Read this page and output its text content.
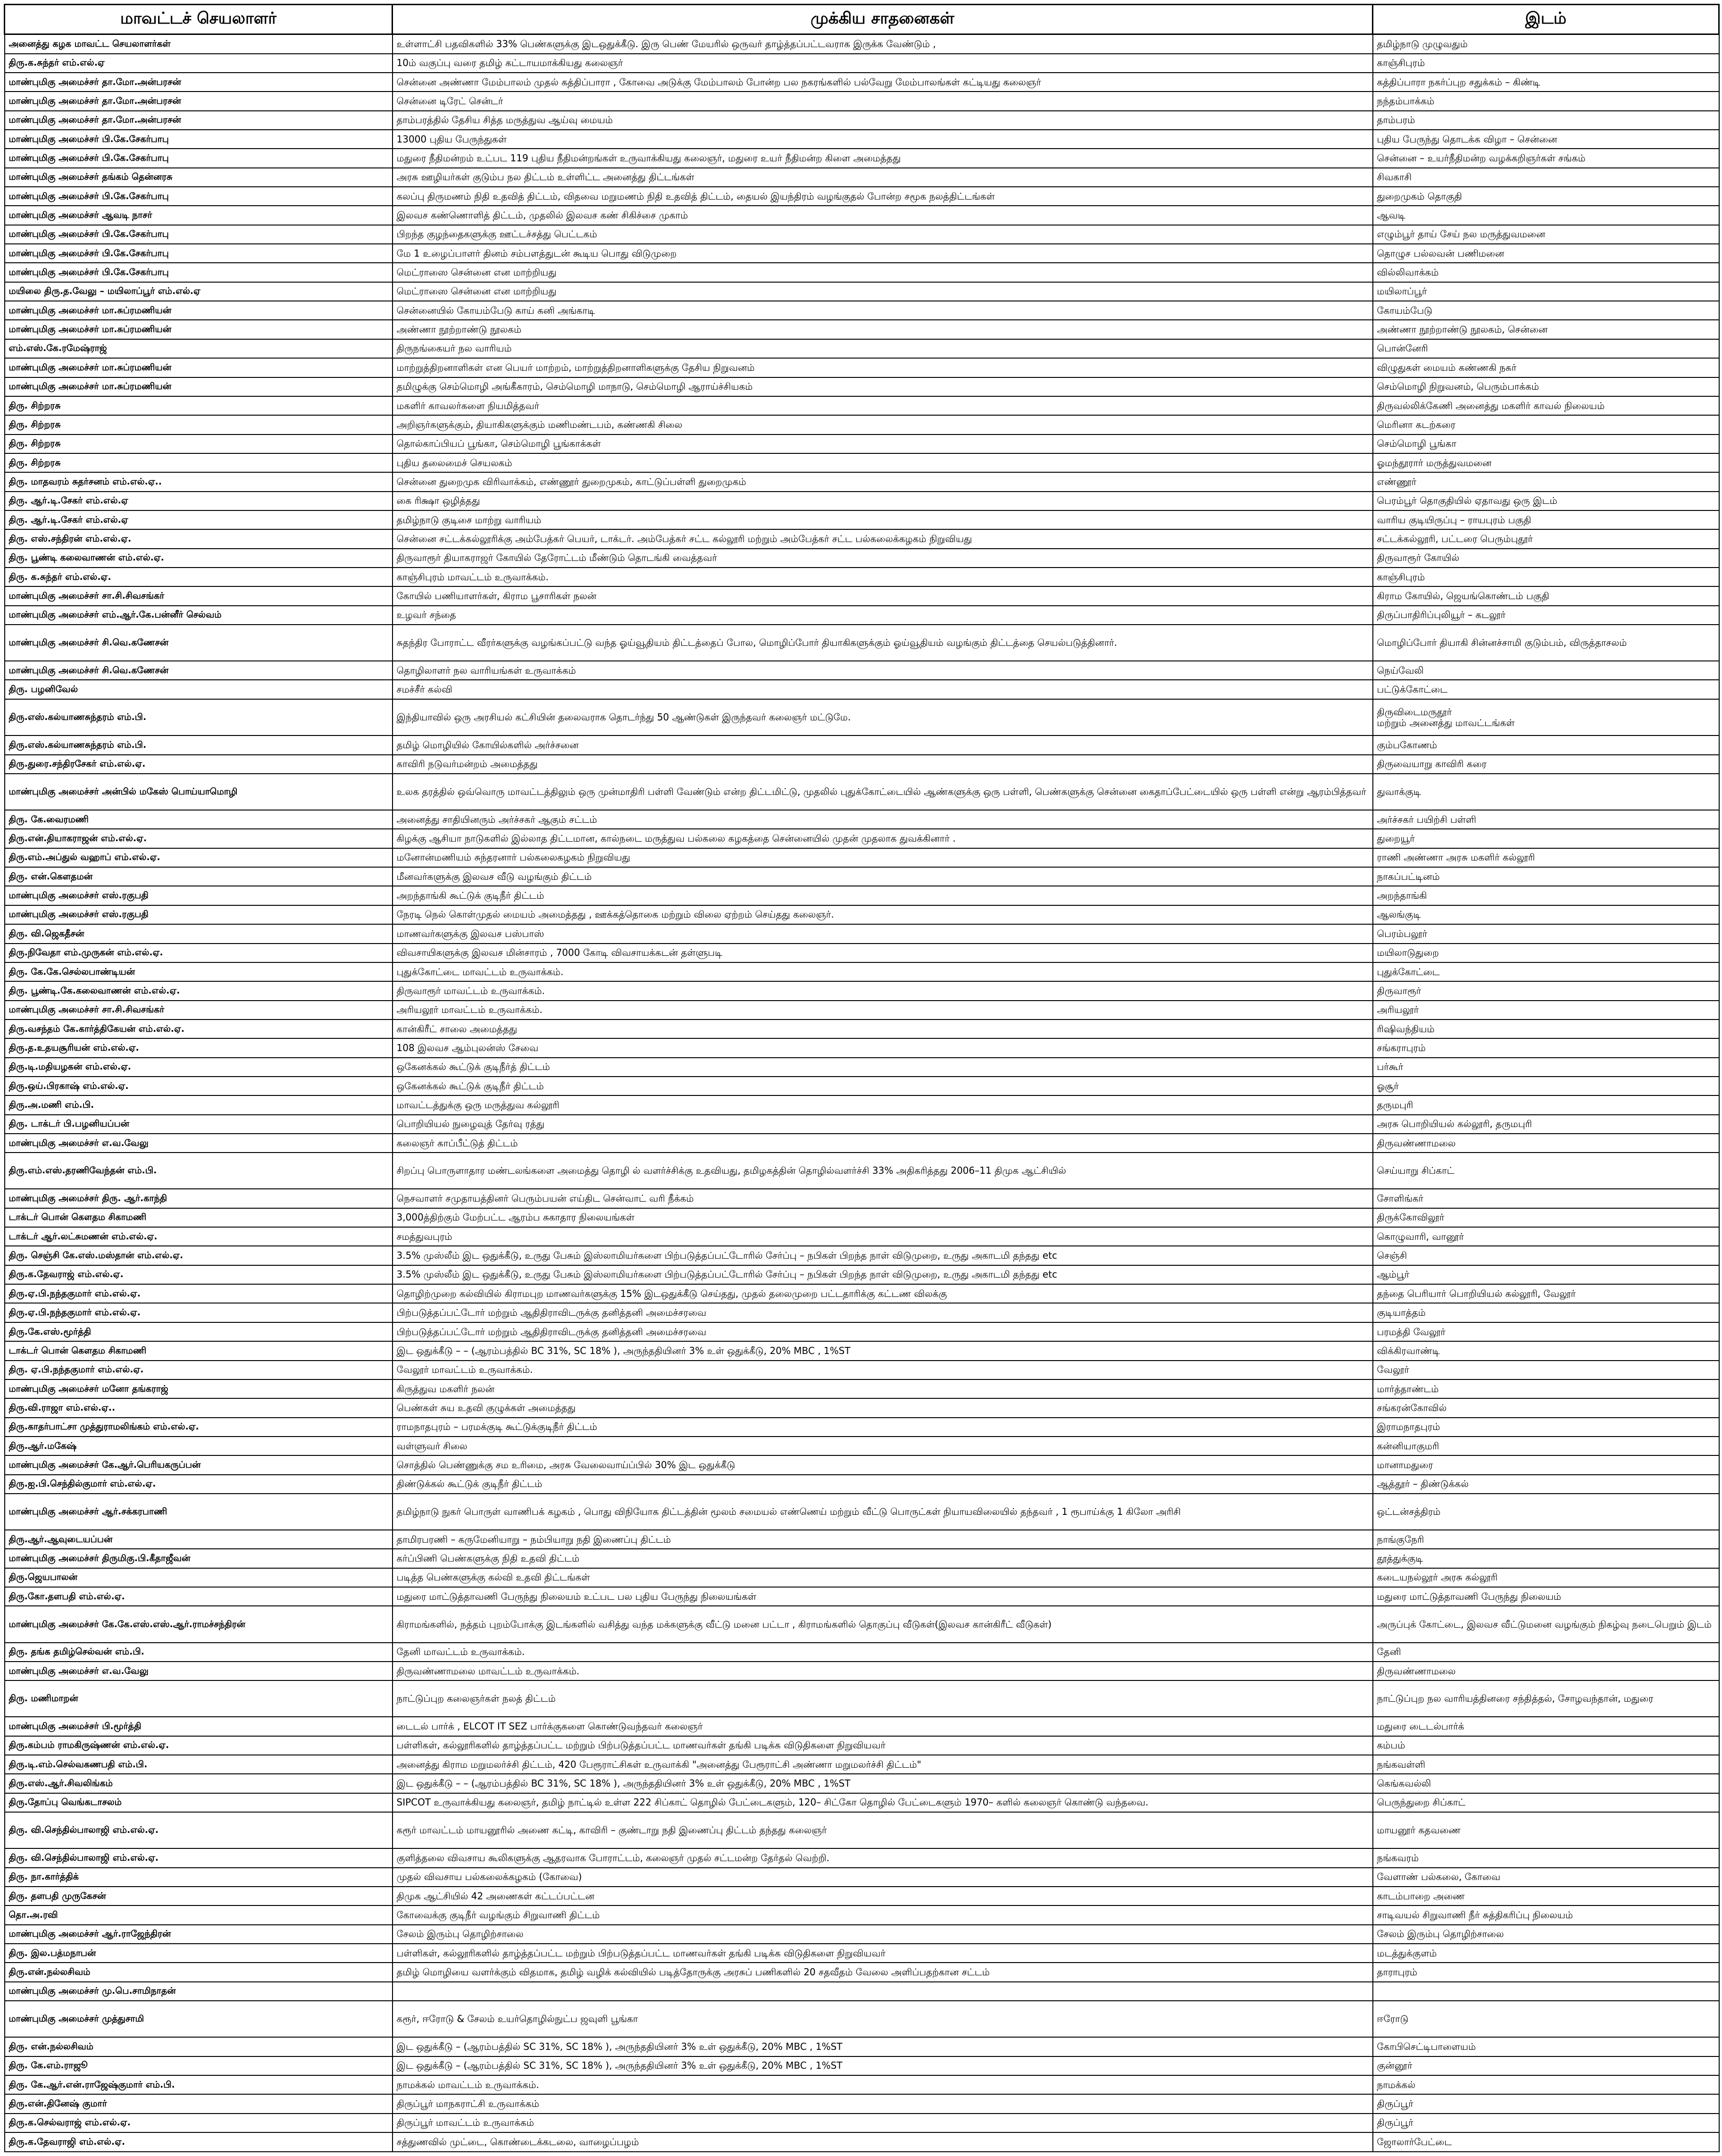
மாவட்டச் செயலாளர்	முக்கிய சாதனைகள்	இடம்
அனைத்து கழக மாவட்ட செயலாளர்கள்	உள்ளாட்சி பதவிகளில் 33% பெண்களுக்கு இடஒதுக்கீடு. இரு பெண் மேயரில் ஒருவர் தாழ்த்தப்பட்டவராக இருக்க வேண்டும் ,	தமிழ்நாடு முழுவதும்
திரு.க.சுந்தர் எம்.எல்.ஏ	10ம் வகுப்பு வரை தமிழ் கட்டாயமாக்கியது கலைஞர்	காஞ்சிபுரம்
மாண்புமிகு அமைச்சர் தா.மோ.அன்பரசன்	சென்னை அண்ணா மேம்பாலம் முதல் கத்திப்பாரா , கோவை அடுக்கு மேம்பாலம் போன்ற பல நகரங்களில் பல்வேறு மேம்பாலங்கள் கட்டியது கலைஞர்	கத்திப்பாரா நகர்ப்புற சதுக்கம் – கிண்டி
மாண்புமிகு அமைச்சர் தா.மோ.அன்பரசன்	சென்னை டிரேட் சென்டர்	நந்தம்பாக்கம்
மாண்புமிகு அமைச்சர் தா.மோ.அன்பரசன்	தாம்பரத்தில் தேசிய சித்த மருத்துவ ஆய்வு மையம்	தாம்பரம்
மாண்புமிகு அமைச்சர் பி.கே.சேகர்பாபு	13000 புதிய பேருந்துகள்	புதிய பேருந்து தொடக்க விழா – சென்னை
மாண்புமிகு அமைச்சர் பி.கே.சேகர்பாபு	மதுரை நீதிமன்றம் உட்பட 119 புதிய நீதிமன்றங்கள் உருவாக்கியது கலைஞர், மதுரை உயர் நீதிமன்ற கிளை அமைத்தது	சென்னை – உயர்நீதிமன்ற வழக்கறிஞர்கள் சங்கம்
மாண்புமிகு அமைச்சர் தங்கம் தென்னரசு	அரசு ஊழியர்கள் குடும்ப நல திட்டம் உள்ளிட்ட அனைத்து திட்டங்கள்	சிவகாசி
மாண்புமிகு அமைச்சர் பி.கே.சேகர்பாபு	கலப்பு திருமணம் நிதி உதவித் திட்டம், விதவை மறுமணம் நிதி உதவித் திட்டம், தையல் இயந்திரம் வழங்குதல் போன்ற சமூக நலத்திட்டங்கள்	துறைமுகம் தொகுதி
மாண்புமிகு அமைச்சர் ஆவடி நாசர்	இலவச கண்ணொளித் திட்டம், முதலில் இலவச கண் சிகிச்சை முகாம்	ஆவடி
மாண்புமிகு அமைச்சர் பி.கே.சேகர்பாபு	பிறந்த குழந்தைகளுக்கு ஊட்டச்சத்து பெட்டகம்	எழும்பூர் தாய் சேய் நல மருத்துவமனை
மாண்புமிகு அமைச்சர் பி.கே.சேகர்பாபு	மே 1 உழைப்பாளர் தினம் சம்பளத்துடன் கூடிய பொது விடுமுறை	தொழுச பல்லவன் பணிமனை
மாண்புமிகு அமைச்சர் பி.கே.சேகர்பாபு	மெட்ராஸை சென்னை என மாற்றியது	வில்லிவாக்கம்
மயிலை திரு.த.வேலு – மயிலாப்பூர் எம்.எல்.ஏ	மெட்ராஸை சென்னை என மாற்றியது	மயிலாப்பூர்
மாண்புமிகு அமைச்சர் மா.சுப்ரமணியன்	சென்னையில் கோயம்பேடு காய் கனி அங்காடி	கோயம்பேடு
மாண்புமிகு அமைச்சர் மா.சுப்ரமணியன்	அண்ணா நூற்றாண்டு நூலகம்	அண்ணா நூற்றாண்டு நூலகம், சென்னை
எம்.எஸ்.கே.ரமேஷ்ராஜ்	திருநங்கையர் நல வாரியம்	பொன்னேரி
மாண்புமிகு அமைச்சர் மா.சுப்ரமணியன்	மாற்றுத்திறனாளிகள் என பெயர் மாற்றம், மாற்றுத்திறனாளிகளுக்கு தேசிய நிறுவனம்	விழுதுகள் மையம் கண்ணகி நகர்
மாண்புமிகு அமைச்சர் மா.சுப்ரமணியன்	தமிழுக்கு செம்மொழி அங்கீகாரம், செம்மொழி மாநாடு, செம்மொழி ஆராய்ச்சியகம்	செம்மொழி நிறுவனம், பெரும்பாக்கம்
திரு. சிற்றரசு	மகளிர் காவலர்களை நியமித்தவர்	திருவல்லிக்கேணி அனைத்து மகளிர் காவல் நிலையம்
திரு. சிற்றரசு	அறிஞர்களுக்கும், தியாகிகளுக்கும் மணிமண்டபம், கண்ணகி சிலை	மெரினா கடற்கரை
திரு. சிற்றரசு	தொல்காப்பியப் பூங்கா, செம்மொழி பூங்காக்கள்	செம்மொழி பூங்கா
திரு. சிற்றரசு	புதிய தலைமைச் செயலகம்	ஓமந்தூரார் மருத்துவமனை
திரு. மாதவரம் சுதர்சனம் எம்.எல்.ஏ..	சென்னை துறைமுக விரிவாக்கம், எண்ணூர் துறைமுகம், காட்டுப்பள்ளி துறைமுகம்	எண்ணூர்
திரு. ஆர்.டி.சேகர் எம்.எல்.ஏ	கை ரிக்ஷா ஒழித்தது	பெரம்பூர் தொகுதியில் ஏதாவது ஒரு இடம்
திரு. ஆர்.டி.சேகர் எம்.எல்.ஏ	தமிழ்நாடு குடிசை மாற்று வாரியம்	வாரிய குடியிருப்பு – ராயபுரம் பகுதி
திரு. எஸ்.சந்திரன் எம்.எல்.ஏ.	சென்னை சட்டக்கல்லூரிக்கு அம்பேத்கர் பெயர், டாக்டர். அம்பேத்கர் சட்ட கல்லூரி மற்றும் அம்பேத்கர் சட்ட பல்கலைக்கழகம் நிறுவியது	சட்டக்கல்லூரி, பட்டரை பெரும்புதூர்
திரு. பூண்டி கலைவாணன் எம்.எல்.ஏ.	திருவாரூர் தியாகராஜர் கோயில் தேரோட்டம் மீண்டும் தொடங்கி வைத்தவர்	திருவாரூர் கோயில்
திரு. க.சுந்தர் எம்.எல்.ஏ.	காஞ்சிபுரம் மாவட்டம் உருவாக்கம்.	காஞ்சிபுரம்
மாண்புமிகு அமைச்சர் சா.சி.சிவசங்கர்	கோயில் பணியாளர்கள், கிராம பூசாரிகள் நலன்	கிராம கோயில், ஜெயங்கொண்டம் பகுதி
மாண்புமிகு அமைச்சர் எம்.ஆர்.கே.பன்னீர் செல்வம்	உழவர் சந்தை	திருப்பாதிரிப்புலியூர் – கடலூர்
மாண்புமிகு அமைச்சர் சி.வெ.கணேசன்	சுதந்திர போராட்ட வீரர்களுக்கு வழங்கப்பட்டு வந்த ஓய்வூதியம் திட்டத்தைப் போல, மொழிப்போர் தியாகிகளுக்கும் ஓய்வூதியம் வழங்கும் திட்டத்தை செயல்படுத்தினார்.	மொழிப்போர் தியாகி சின்னச்சாமி குடும்பம், விருத்தாசலம்
மாண்புமிகு அமைச்சர் சி.வெ.கணேசன்	தொழிலாளர் நல வாரியங்கள் உருவாக்கம்	நெய்வேலி
திரு. பழனிவேல்	சமச்சீர் கல்வி	பட்டுக்கோட்டை
திரு.எஸ்.கல்யாணசுந்தரம் எம்.பி.	இந்தியாவில் ஒரு அரசியல் கட்சியின் தலைவராக தொடர்ந்து 50 ஆண்டுகள் இருந்தவர் கலைஞர் மட்டுமே.	திருவிடைமருதூர்
மற்றும் அனைத்து மாவட்டங்கள்
திரு.எஸ்.கல்யாணசுந்தரம் எம்.பி.	தமிழ் மொழியில் கோயில்களில் அர்ச்சனை	கும்பகோணம்
திரு.துரை.சந்திரசேகர் எம்.எல்.ஏ.	காவிரி நடுவர்மன்றம் அமைத்தது	திருவையாறு காவிரி கரை
மாண்புமிகு அமைச்சர் அன்பில் மகேஸ் பொய்யாமொழி	உலக தரத்தில் ஒவ்வொரு மாவட்டத்திலும் ஒரு முன்மாதிரி பள்ளி வேண்டும் என்ற திட்டமிட்டு, முதலில் புதுக்கோட்டையில் ஆண்களுக்கு ஒரு பள்ளி, பெண்களுக்கு சென்னை கைதாப்பேட்டையில் ஒரு பள்ளி என்று ஆரம்பித்தவர்	துவாக்குடி
திரு. கே.வைரமணி	அனைத்து சாதியினரும் அர்ச்சகர் ஆகும் சட்டம்	அர்ச்சகர் பயிற்சி பள்ளி
திரு.என்.தியாகராஜன் எம்.எல்.ஏ.	கிழக்கு ஆசியா நாடுகளில் இல்லாத திட்டமான, கால்நடை மருத்துவ பல்கலை கழகத்தை சென்னையில் முதன் முதலாக துவக்கினார் .	துறையூர்
திரு.எம்.அப்துல் வஹாப் எம்.எல்.ஏ.	மனோன்மணியம் சுந்தரனார் பல்கலைகழகம் நிறுவியது	ராணி அண்ணா அரசு மகளிர் கல்லூரி
திரு. என்.கௌதமன்	மீனவர்களுக்கு இலவச வீடு வழங்கும் திட்டம்	நாகப்பட்டினம்
மாண்புமிகு அமைச்சர் எஸ்.ரகுபதி	அறந்தாங்கி கூட்டுக் குடிநீர் திட்டம்	அறந்தாங்கி
மாண்புமிகு அமைச்சர் எஸ்.ரகுபதி	நேரடி நெல் கொள்முதல் மையம் அமைத்தது , ஊக்கத்தொகை மற்றும் விலை ஏற்றம் செய்தது கலைஞர்.	ஆலங்குடி
திரு. வி.ஜெகதீசன்	மாணவர்களுக்கு இலவச பஸ்பாஸ்	பெரம்பலூர்
திரு.நிவேதா எம்.முருகன் எம்.எல்.ஏ.	விவசாயிகளுக்கு இலவச மின்சாரம் , 7000 கோடி விவசாயக்கடன் தள்ளுபடி	மயிலாடுதுறை
திரு. கே.கே.செல்லபாண்டியன்	புதுக்கோட்டை மாவட்டம் உருவாக்கம்.	புதுக்கோட்டை
திரு. பூண்டி.கே.கலைவாணன் எம்.எல்.ஏ.	திருவாரூர் மாவட்டம் உருவாக்கம்.	திருவாரூர்
மாண்புமிகு அமைச்சர் சா.சி.சிவசங்கர்	அரியலூர் மாவட்டம் உருவாக்கம்.	அரியலூர்
திரு.வசந்தம் கே.கார்த்திகேயன் எம்.எல்.ஏ.	கான்கிரீட் சாலை அமைத்தது	ரிஷிவந்தியம்
திரு.த.உதயசூரியன் எம்.எல்.ஏ.	108 இலவச ஆம்புலன்ஸ் சேவை	சங்கராபுரம்
திரு.டி.மதியழகன் எம்.எல்.ஏ.	ஒகேனக்கல் கூட்டுக் குடிநீர்த் திட்டம்	பர்கூர்
திரு.ஒய்.பிரகாஷ் எம்.எல்.ஏ.	ஒகேனக்கல் கூட்டுக் குடிநீர் திட்டம்	ஓசூர்
திரு.அ.மணி எம்.பி.	மாவட்டத்துக்கு ஒரு மருத்துவ கல்லூரி	தருமபுரி
திரு. டாக்டர் பி.பழனியப்பன்	பொறியியல் நுழைவுத் தேர்வு ரத்து	அரசு பொறியியல் கல்லூரி, தருமபுரி
மாண்புமிகு அமைச்சர் எ.வ.வேலு	கலைஞர் காப்பீட்டுத் திட்டம்	திருவண்ணாமலை
திரு.எம்.எஸ்.தரணிவேந்தன் எம்.பி.	சிறப்பு பொருளாதார மண்டலங்களை அமைத்து தொழி ல் வளர்ச்சிக்கு உதவியது, தமிழகத்தின் தொழில்வளர்ச்சி 33% அதிகரித்தது 2006–11 திமுக ஆட்சியில்	செய்யாறு சிப்காட்
மாண்புமிகு அமைச்சர் திரு. ஆர்.காந்தி	நெசவாளர் சமுதாயத்தினர் பெரும்பயன் எய்திட சென்வாட் வரி நீக்கம்	சோளிங்கர்
டாக்டர் பொன் கௌதம சிகாமணி	3,000த்திற்கும் மேற்பட்ட ஆரம்ப சுகாதார நிலையங்கள்	திருக்கோவிலூர்
டாக்டர் ஆர்.லட்சுமணன் எம்.எல்.ஏ.	சமத்துவபுரம்	கொழுவாரி, வானூர்
திரு. செஞ்சி கே.எஸ்.மஸ்தான் எம்.எல்.ஏ.	3.5% முஸ்லீம் இட ஒதுக்கீடு, உருது பேசும் இஸ்லாமியர்களை பிற்படுத்தப்பட்டோரில் சேர்ப்பு – நபிகள் பிறந்த நாள் விடுமுறை, உருது அகாடமி தந்தது etc	செஞ்சி
திரு.க.தேவராஜ் எம்.எல்.ஏ.	3.5% முஸ்லீம் இட ஒதுக்கீடு, உருது பேசும் இஸ்லாமியர்களை பிற்படுத்தப்பட்டோரில் சேர்ப்பு – நபிகள் பிறந்த நாள் விடுமுறை, உருது அகாடமி தந்தது etc	ஆம்பூர்
திரு.ஏ.பி.நந்தகுமார் எம்.எல்.ஏ.	தொழிற்முறை கல்வியில் கிராமபுற மாணவர்களுக்கு 15% இடஒதுக்கீடு செய்தது, முதல் தலைமுறை பட்டதாரிக்கு கட்டண விலக்கு	தந்தை பெரியார் பொறியியல் கல்லூரி, வேலூர்
திரு.ஏ.பி.நந்தகுமார் எம்.எல்.ஏ.	பிற்படுத்தப்பட்டோர் மற்றும் ஆதிதிராவிடருக்கு தனித்தனி அமைச்சரவை	குடியாத்தம்
திரு.கே.எஸ்.மூர்த்தி	பிற்படுத்தப்பட்டோர் மற்றும் ஆதிதிராவிடருக்கு தனித்தனி அமைச்சரவை	பரமத்தி வேலூர்
டாக்டர் பொன் கௌதம சிகாமணி	இட ஒதுக்கீடு – – (ஆரம்பத்தில் BC 31%, SC 18% ), அருந்ததியினர் 3% உள் ஒதுக்கீடு, 20% MBC , 1%ST	விக்கிரவாண்டி
திரு. ஏ.பி.நந்தகுமார் எம்.எல்.ஏ.	வேலூர் மாவட்டம் உருவாக்கம்.	வேலூர்
மாண்புமிகு அமைச்சர் மனோ தங்கராஜ்	கிருத்துவ மகளிர் நலன்	மார்த்தாண்டம்
திரு.வி.ராஜா எம்.எல்.ஏ..	பெண்கள் சுய உதவி குழுக்கள் அமைத்தது	சங்கரன்கோவில்
திரு.காதர்பாட்சா முத்துராமலிங்கம் எம்.எல்.ஏ.	ராமநாதபுரம் – பரமக்குடி கூட்டுக்குடிநீர் திட்டம்	இராமநாதபுரம்
திரு.ஆர்.மகேஷ்	வள்ளுவர் சிலை	கன்னியாகுமரி
மாண்புமிகு அமைச்சர் கே.ஆர்.பெரியகருப்பன்	சொத்தில் பெண்ணுக்கு சம உரிமை, அரசு வேலைவாய்ப்பில் 30% இட ஒதுக்கீடு	மானாமதுரை
திரு.ஐ.பி.செந்தில்குமார் எம்.எல்.ஏ.	திண்டுக்கல் கூட்டுக் குடிநீர் திட்டம்	ஆத்தூர் – திண்டுக்கல்
மாண்புமிகு அமைச்சர் ஆர்.சக்கரபாணி	தமிழ்நாடு நுகர் பொருள் வாணிபக் கழகம் , பொது விநியோக திட்டத்தின் மூலம் சமையல் எண்ணெய் மற்றும் வீட்டு பொருட்கள் நியாயவிலையில் தந்தவர் , 1 ரூபாய்க்கு 1 கிலோ அரிசி	ஒட்டன்சத்திரம்
திரு.ஆர்.ஆவுடையப்பன்	தாமிரபரணி – கருமேனியாறு – நம்பியாறு நதி இணைப்பு திட்டம்	நாங்குநேரி
மாண்புமிகு அமைச்சர் திருமிகு.பி.கீதாஜீவன்	கர்ப்பிணி பெண்களுக்கு நிதி உதவி திட்டம்	தூத்துக்குடி
திரு.ஜெயபாலன்	படித்த பெண்களுக்கு கல்வி உதவி திட்டங்கள்	கடையநல்லூர் அரசு கல்லூரி
திரு.கோ.தளபதி எம்.எல்.ஏ.	மதுரை மாட்டுத்தாவணி பேருந்து நிலையம் உட்பட பல புதிய பேருந்து நிலையங்கள்	மதுரை மாட்டுத்தாவணி பேருந்து நிலையம்
மாண்புமிகு அமைச்சர் கே.கே.எஸ்.எஸ்.ஆர்.ராமச்சந்திரன்	கிராமங்களில், நத்தம் புறம்போக்கு இடங்களில் வசித்து வந்த மக்களுக்கு வீட்டு மனை பட்டா , கிராமங்களில் தொகுப்பு வீடுகள்(இலவச கான்கிரீட் வீடுகள்)	அருப்புக் கோட்டை, இலவச வீட்டுமனை வழங்கும் நிகழ்வு நடைபெறும் இடம்
திரு. தங்க தமிழ்செல்வன் எம்.பி.	தேனி மாவட்டம் உருவாக்கம்.	தேனி
மாண்புமிகு அமைச்சர் எ.வ.வேலு	திருவண்ணாமலை மாவட்டம் உருவாக்கம்.	திருவண்ணாமலை
திரு. மணிமாறன்	நாட்டுப்புற கலைஞர்கள் நலத் திட்டம்	நாட்டுப்புற நல வாரியத்தினரை சந்தித்தல், சோழவந்தான், மதுரை
மாண்புமிகு அமைச்சர் பி.மூர்த்தி	டைடல் பார்க் , ELCOT IT SEZ பார்க்குகளை கொண்டுவந்தவர் கலைஞர்	மதுரை டைடல்பார்க்
திரு.கம்பம் ராமகிருஷ்ணன் எம்.எல்.ஏ.	பள்ளிகள், கல்லூரிகளில் தாழ்த்தப்பட்ட மற்றும் பிற்படுத்தப்பட்ட மாணவர்கள் தங்கி படிக்க விடுதிகளை நிறுவியவர்	கம்பம்
திரு.டி.எம்.செல்வகணபதி எம்.பி.	அனைத்து கிராம மறுமலர்ச்சி திட்டம், 420 பேரூராட்சிகள் உருவாக்கி "அனைத்து பேரூராட்சி அண்ணா மறுமலர்ச்சி திட்டம்"	நங்கவள்ளி
திரு.எஸ்.ஆர்.சிவலிங்கம்	இட ஒதுக்கீடு – – (ஆரம்பத்தில் BC 31%, SC 18% ), அருந்ததியினர் 3% உள் ஒதுக்கீடு, 20% MBC , 1%ST	கெங்கவல்லி
திரு.தோப்பு வெங்கடாசலம்	SIPCOT உருவாக்கியது கலைஞர், தமிழ் நாட்டில் உள்ள 222 சிப்காட் தொழில் பேட்டைகளும், 120– சிட்கோ தொழில் பேட்டைகளும் 1970– களில் கலைஞர் கொண்டு வந்தவை.	பெருந்துறை சிப்காட்
திரு. வி.செந்தில்பாலாஜி எம்.எல்.ஏ.	கரூர் மாவட்டம் மாயனூரில் அணை கட்டி, காவிரி – குண்டாறு நதி இணைப்பு திட்டம் தந்தது கலைஞர்	மாயனூர் கதவணை
திரு. வி.செந்தில்பாலாஜி எம்.எல்.ஏ.	குளித்தலை விவசாய கூலிகளுக்கு ஆதரவாக போராட்டம், கலைஞர் முதல் சட்டமன்ற தேர்தல் வெற்றி.	நங்கவரம்
திரு. நா.கார்த்திக்	முதல் விவசாய பல்கலைக்கழகம் (கோவை)	வேளாண் பல்கலை, கோவை
திரு. தளபதி முருகேசன்	திமுக ஆட்சியில் 42 அணைகள் கட்டப்பட்டன	காடம்பாறை அணை
தொ.அ.ரவி	கோவைக்கு குடிநீர் வழங்கும் சிறுவாணி திட்டம்	சாடிவயல் சிறுவாணி நீர் சுத்திகரிப்பு நிலையம்
மாண்புமிகு அமைச்சர் ஆர்.ராஜேந்திரன்	சேலம் இரும்பு தொழிற்சாலை	சேலம் இரும்பு தொழிற்சாலை
திரு. இல.பத்மநாபன்	பள்ளிகள், கல்லூரிகளில் தாழ்த்தப்பட்ட மற்றும் பிற்படுத்தப்பட்ட மாணவர்கள் தங்கி படிக்க விடுதிகளை நிறுவியவர்	மடத்துக்குளம்
திரு.என்.நல்லசிவம்	தமிழ் மொழியை வளர்க்கும் விதமாக, தமிழ் வழிக் கல்வியில் படித்தோருக்கு அரசுப் பணிகளில் 20 சதவீதம் வேலை அளிப்பதற்கான சட்டம்	தாராபுரம்
மாண்புமிகு அமைச்சர் மு.பெ.சாமிநாதன்		
மாண்புமிகு அமைச்சர் முத்துசாமி	கரூர், ஈரோடு & சேலம் உயர்தொழில்நுட்ப ஜவுளி பூங்கா	ஈரோடு
திரு. என்.நல்லசிவம்	இட ஒதுக்கீடு – (ஆரம்பத்தில் SC 31%, SC 18% ), அருந்ததியினர் 3% உள் ஒதுக்கீடு, 20% MBC , 1%ST	கோபிசெட்டிபாளையம்
திரு. கே.எம்.ராஜூ	இட ஒதுக்கீடு – (ஆரம்பத்தில் SC 31%, SC 18% ), அருந்ததியினர் 3% உள் ஒதுக்கீடு, 20% MBC , 1%ST	குன்னூர்
திரு. கே.ஆர்.என்.ராஜேஷ்குமார் எம்.பி.	நாமக்கல் மாவட்டம் உருவாக்கம்.	நாமக்கல்
திரு.என்.தினேஷ் குமார்	திருப்பூர் மாநகராட்சி உருவாக்கம்	திருப்பூர்
திரு.க.செல்வராஜ் எம்.எல்.ஏ.	திருப்பூர் மாவட்டம் உருவாக்கம்	திருப்பூர்
திரு.க.தேவராஜி எம்.எல்.ஏ.	சத்துணவில் முட்டை, கொண்டைக்கடலை, வாழைப்பழம்	ஜோலார்பேட்டை
